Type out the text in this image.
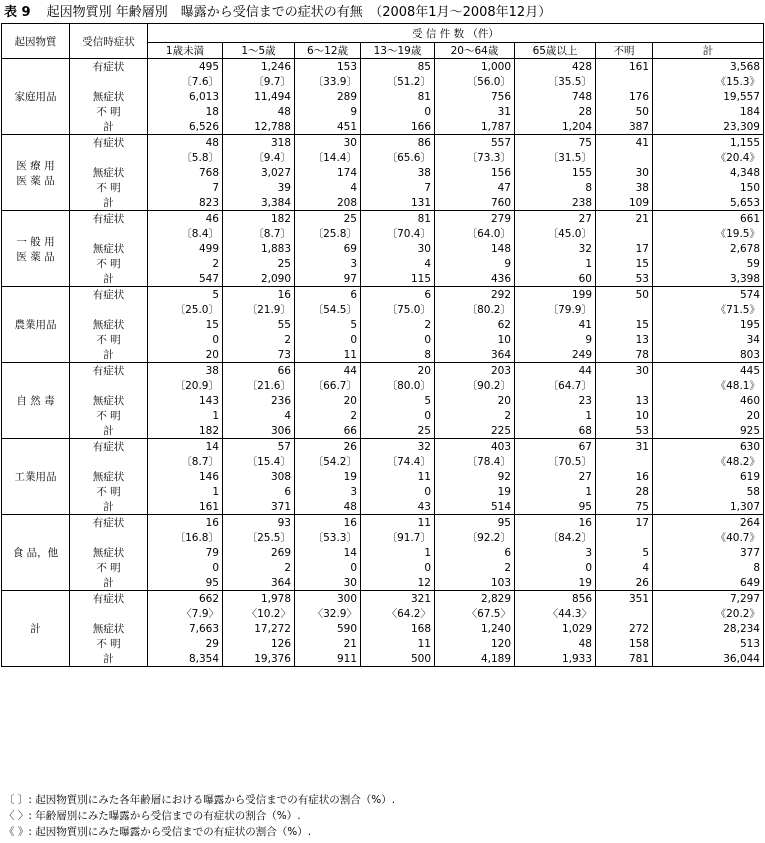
表 9 起因物質別 年齢層別　曝露から受信までの症状の有無　（2008年1月～2008年12月）
起因物質	受信時症状	受 信 件 数 （件）							
		1歳未満	1～5歳	6～12歳	13～19歳	20～64歳	65歳以上	不明	計

家庭用品	有症状	495	1,246	153	85	1,000	428	161	3,568
		〔7.6〕	〔9.7〕	〔33.9〕	〔51.2〕	〔56.0〕	〔35.5〕		《15.3》
	無症状	6,013	11,494	289	81	756	748	176	19,557
	不 明	18	48	9	0	31	28	50	184
	計	6,526	12,788	451	166	1,787	1,204	387	23,309

医 療 用
医 薬 品	有症状	48	318	30	86	557	75	41	1,155
		〔5.8〕	〔9.4〕	〔14.4〕	〔65.6〕	〔73.3〕	〔31.5〕		《20.4》
	無症状	768	3,027	174	38	156	155	30	4,348
	不 明	7	39	4	7	47	8	38	150
	計	823	3,384	208	131	760	238	109	5,653

一 般 用
医 薬 品	有症状	46	182	25	81	279	27	21	661
		〔8.4〕	〔8.7〕	〔25.8〕	〔70.4〕	〔64.0〕	〔45.0〕		《19.5》
	無症状	499	1,883	69	30	148	32	17	2,678
	不 明	2	25	3	4	9	1	15	59
	計	547	2,090	97	115	436	60	53	3,398

農業用品	有症状	5	16	6	6	292	199	50	574
		〔25.0〕	〔21.9〕	〔54.5〕	〔75.0〕	〔80.2〕	〔79.9〕		《71.5》
	無症状	15	55	5	2	62	41	15	195
	不 明	0	2	0	0	10	9	13	34
	計	20	73	11	8	364	249	78	803

自 然 毒	有症状	38	66	44	20	203	44	30	445
		〔20.9〕	〔21.6〕	〔66.7〕	〔80.0〕	〔90.2〕	〔64.7〕		《48.1》
	無症状	143	236	20	5	20	23	13	460
	不 明	1	4	2	0	2	1	10	20
	計	182	306	66	25	225	68	53	925

工業用品	有症状	14	57	26	32	403	67	31	630
		〔8.7〕	〔15.4〕	〔54.2〕	〔74.4〕	〔78.4〕	〔70.5〕		《48.2》
	無症状	146	308	19	11	92	27	16	619
	不 明	1	6	3	0	19	1	28	58
	計	161	371	48	43	514	95	75	1,307

食 品，他	有症状	16	93	16	11	95	16	17	264
		〔16.8〕	〔25.5〕	〔53.3〕	〔91.7〕	〔92.2〕	〔84.2〕		《40.7》
	無症状	79	269	14	1	6	3	5	377
	不 明	0	2	0	0	2	0	4	8
	計	95	364	30	12	103	19	26	649

計	有症状	662	1,978	300	321	2,829	856	351	7,297
		〈7.9〉	〈10.2〉	〈32.9〉	〈64.2〉	〈67.5〉	〈44.3〉		《20.2》
	無症状	7,663	17,272	590	168	1,240	1,029	272	28,234
	不 明	29	126	21	11	120	48	158	513
	計	8,354	19,376	911	500	4,189	1,933	781	36,044
〔 〕: 起因物質別にみた各年齢層における曝露から受信までの有症状の割合（%）.
〈 〉: 年齢層別にみた曝露から受信までの有症状の割合（%）.
《 》: 起因物質別にみた曝露から受信までの有症状の割合（%）.
